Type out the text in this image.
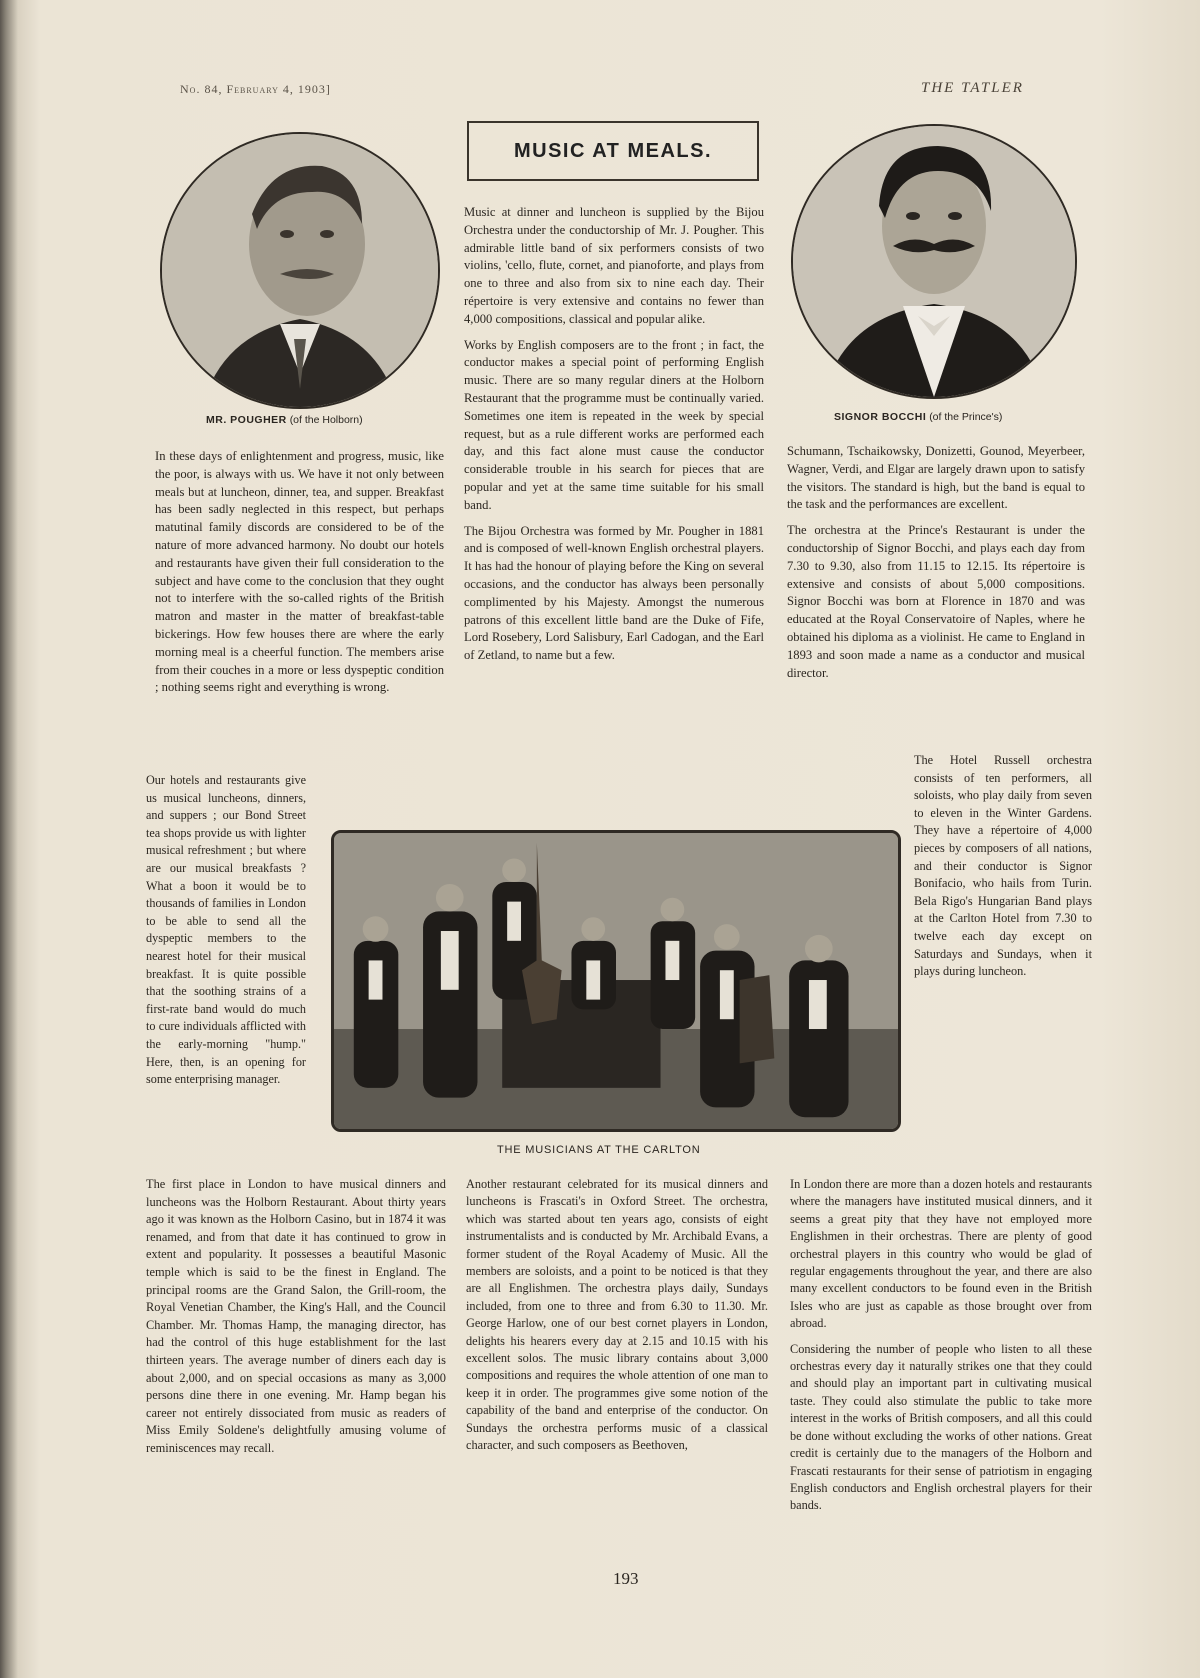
No. 84, February 4, 1903]	THE TATLER
MUSIC AT MEALS.
MR. POUGHER (of the Holborn)	SIGNOR BOCCHI (of the Prince's)

In these days of enlightenment and progress, music, like the poor, is always with us. We have it not only between meals but at luncheon, dinner, tea, and supper. Breakfast has been sadly neglected in this respect, but perhaps matutinal family discords are considered to be of the nature of more advanced harmony. No doubt our hotels and restaurants have given their full consideration to the subject and have come to the conclusion that they ought not to interfere with the so-called rights of the British matron and master in the matter of breakfast-table bickerings. How few houses there are where the early morning meal is a cheerful function. The members arise from their couches in a more or less dyspeptic condition ; nothing seems right and everything is wrong.

Our hotels and restaurants give us musical luncheons, dinners, and suppers ; our Bond Street tea shops provide us with lighter musical refreshment ; but where are our musical breakfasts ? What a boon it would be to thousands of families in London to be able to send all the dyspeptic members to the nearest hotel for their musical breakfast. It is quite possible that the soothing strains of a first-rate band would do much to cure individuals afflicted with the early-morning "hump." Here, then, is an opening for some enterprising manager.

The first place in London to have musical dinners and luncheons was the Holborn Restaurant. About thirty years ago it was known as the Holborn Casino, but in 1874 it was renamed, and from that date it has continued to grow in extent and popularity. It possesses a beautiful Masonic temple which is said to be the finest in England. The principal rooms are the Grand Salon, the Grill-room, the Royal Venetian Chamber, the King's Hall, and the Council Chamber. Mr. Thomas Hamp, the managing director, has had the control of this huge establishment for the last thirteen years. The average number of diners each day is about 2,000, and on special occasions as many as 3,000 persons dine there in one evening. Mr. Hamp began his career not entirely dissociated from music as readers of Miss Emily Soldene's delightfully amusing volume of reminiscences may recall.

Music at dinner and luncheon is supplied by the Bijou Orchestra under the conductorship of Mr. J. Pougher. This admirable little band of six performers consists of two violins, 'cello, flute, cornet, and pianoforte, and plays from one to three and also from six to nine each day. Their répertoire is very extensive and contains no fewer than 4,000 compositions, classical and popular alike.

Works by English composers are to the front ; in fact, the conductor makes a special point of performing English music. There are so many regular diners at the Holborn Restaurant that the programme must be continually varied. Sometimes one item is repeated in the week by special request, but as a rule different works are performed each day, and this fact alone must cause the conductor considerable trouble in his search for pieces that are popular and yet at the same time suitable for his small band.

The Bijou Orchestra was formed by Mr. Pougher in 1881 and is composed of well-known English orchestral players. It has had the honour of playing before the King on several occasions, and the conductor has always been personally complimented by his Majesty. Amongst the numerous patrons of this excellent little band are the Duke of Fife, Lord Rosebery, Lord Salisbury, Earl Cadogan, and the Earl of Zetland, to name but a few.

Another restaurant celebrated for its musical dinners and luncheons is Frascati's in Oxford Street. The orchestra, which was started about ten years ago, consists of eight instrumentalists and is conducted by Mr. Archibald Evans, a former student of the Royal Academy of Music. All the members are soloists, and a point to be noticed is that they are all Englishmen. The orchestra plays daily, Sundays included, from one to three and from 6.30 to 11.30. Mr. George Harlow, one of our best cornet players in London, delights his hearers every day at 2.15 and 10.15 with his excellent solos. The music library contains about 3,000 compositions and requires the whole attention of one man to keep it in order. The programmes give some notion of the capability of the band and enterprise of the conductor. On Sundays the orchestra performs music of a classical character, and such composers as Beethoven,

Schumann, Tschaikowsky, Donizetti, Gounod, Meyerbeer, Wagner, Verdi, and Elgar are largely drawn upon to satisfy the visitors. The standard is high, but the band is equal to the task and the performances are excellent.

The orchestra at the Prince's Restaurant is under the conductorship of Signor Bocchi, and plays each day from 7.30 to 9.30, also from 11.15 to 12.15. Its répertoire is extensive and consists of about 5,000 compositions. Signor Bocchi was born at Florence in 1870 and was educated at the Royal Conservatoire of Naples, where he obtained his diploma as a violinist. He came to England in 1893 and soon made a name as a conductor and musical director.

The Hotel Russell orchestra consists of ten performers, all soloists, who play daily from seven to eleven in the Winter Gardens. They have a répertoire of 4,000 pieces by composers of all nations, and their conductor is Signor Bonifacio, who hails from Turin. Bela Rigo's Hungarian Band plays at the Carlton Hotel from 7.30 to twelve each day except on Saturdays and Sundays, when it plays during luncheon.

In London there are more than a dozen hotels and restaurants where the managers have instituted musical dinners, and it seems a great pity that they have not employed more Englishmen in their orchestras. There are plenty of good orchestral players in this country who would be glad of regular engagements throughout the year, and there are also many excellent conductors to be found even in the British Isles who are just as capable as those brought over from abroad.

Considering the number of people who listen to all these orchestras every day it naturally strikes one that they could and should play an important part in cultivating musical taste. They could also stimulate the public to take more interest in the works of British composers, and all this could be done without excluding the works of other nations. Great credit is certainly due to the managers of the Holborn and Frascati restaurants for their sense of patriotism in engaging English conductors and English orchestral players for their bands.

THE MUSICIANS AT THE CARLTON
193
